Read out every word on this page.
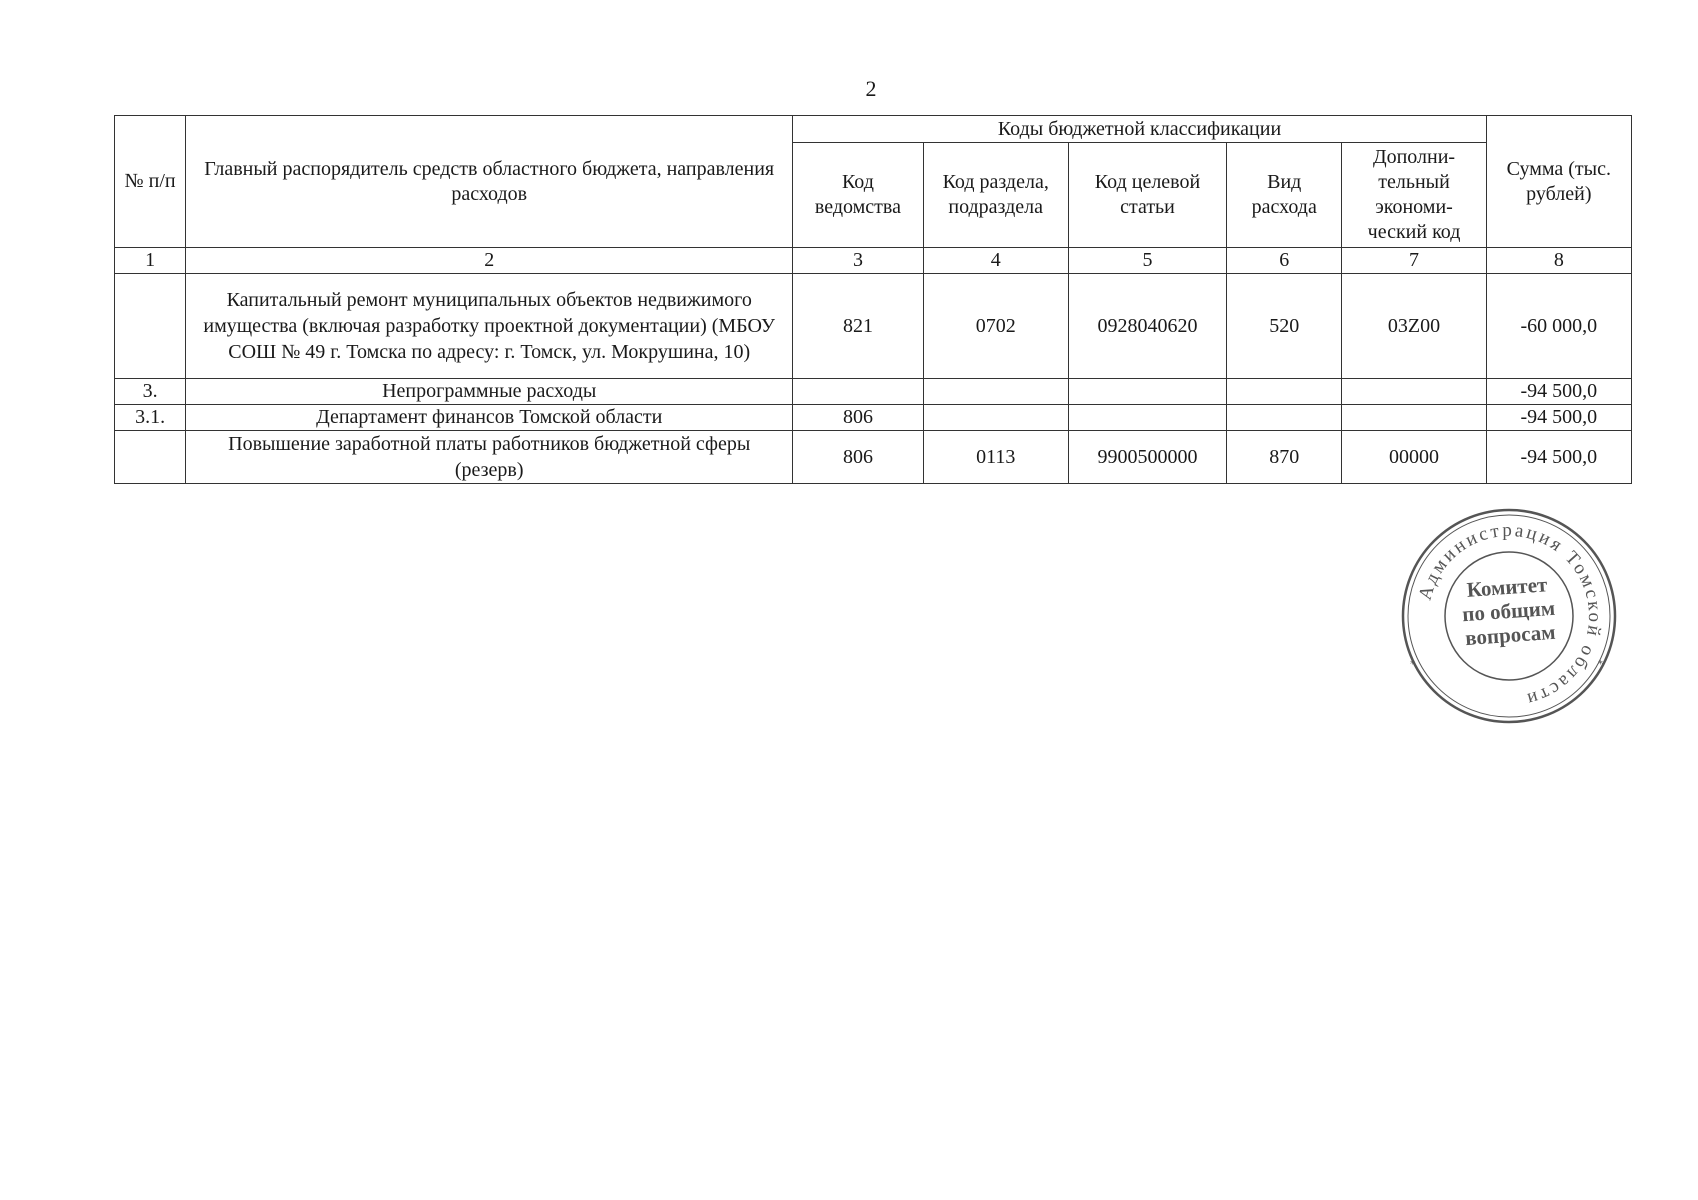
2
№ п/п	Главный распорядитель средств областного бюджета, направления расходов	Коды бюджетной классификации					Сумма (тыс. рублей)
		Код ведомства	Код раздела, подраздела	Код целевой статьи	Вид расхода	Дополни-тельный экономи-ческий код	
1	2	3	4	5	6	7	8
	Капитальный ремонт муниципальных объектов недвижимого имущества (включая разработку проектной документации) (МБОУ СОШ № 49 г. Томска по адресу: г. Томск, ул. Мокрушина, 10)	821	0702	0928040620	520	03Z00	-60 000,0
3.	Непрограммные расходы						-94 500,0
3.1.	Департамент финансов Томской области	806					-94 500,0
	Повышение заработной платы работников бюджетной сферы (резерв)	806	0113	9900500000	870	00000	-94 500,0
Администрация Томской области
*	*
Комитет
по общим
вопросам
